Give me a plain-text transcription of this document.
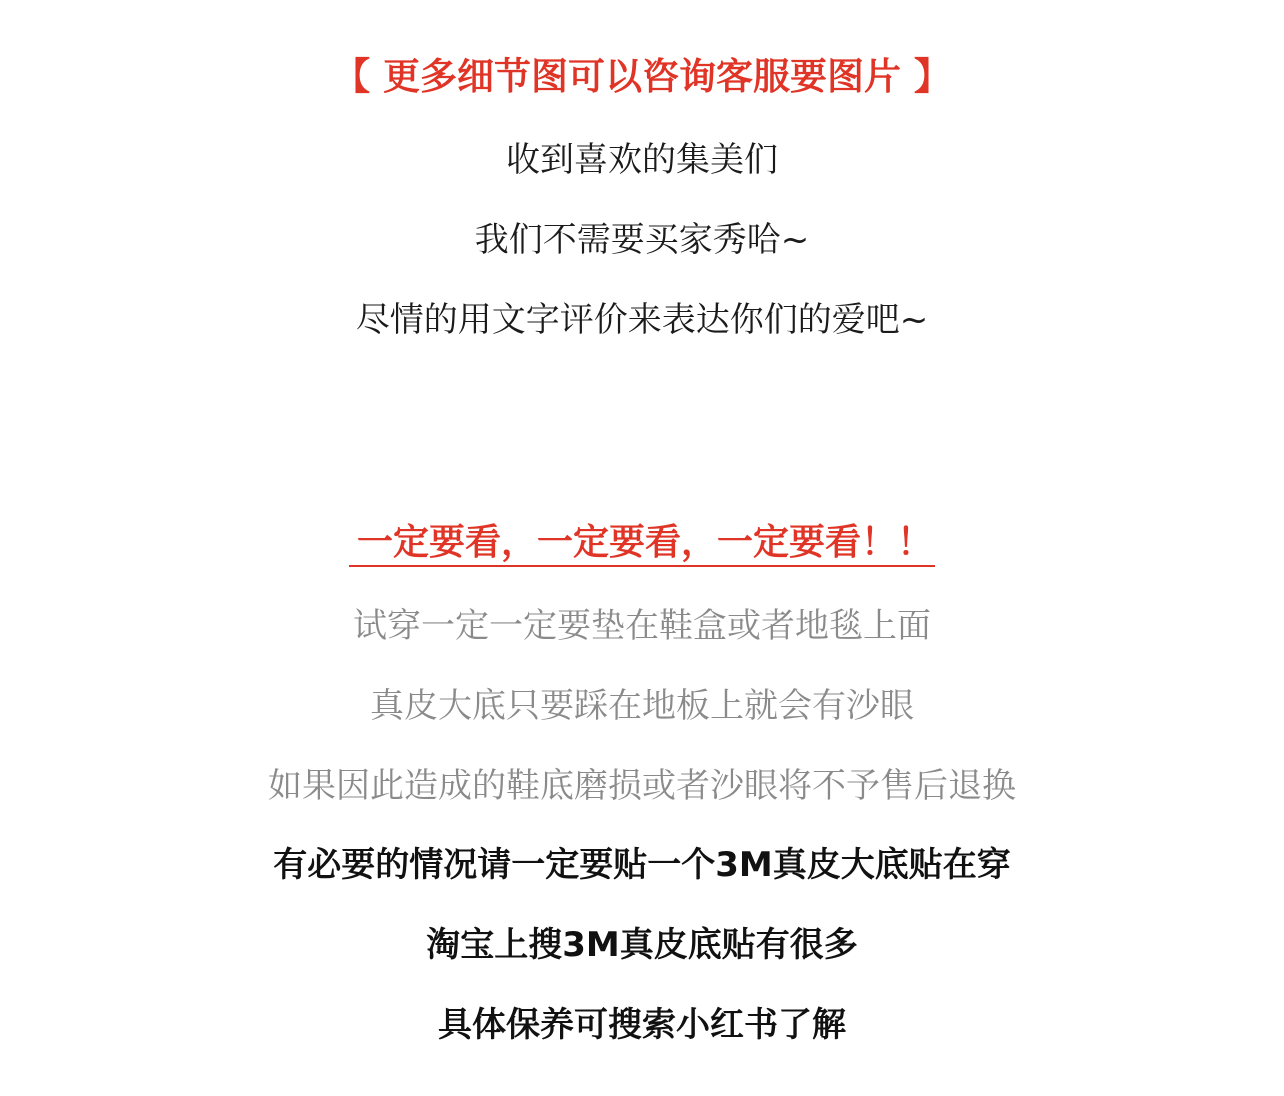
【 更多细节图可以咨询客服要图片 】
收到喜欢的集美们
我们不需要买家秀哈~
尽情的用文字评价来表达你们的爱吧~
一定要看，一定要看，一定要看！！
试穿一定一定要垫在鞋盒或者地毯上面
真皮大底只要踩在地板上就会有沙眼
如果因此造成的鞋底磨损或者沙眼将不予售后退换
有必要的情况请一定要贴一个3M真皮大底贴在穿
淘宝上搜3M真皮底贴有很多
具体保养可搜索小红书了解
